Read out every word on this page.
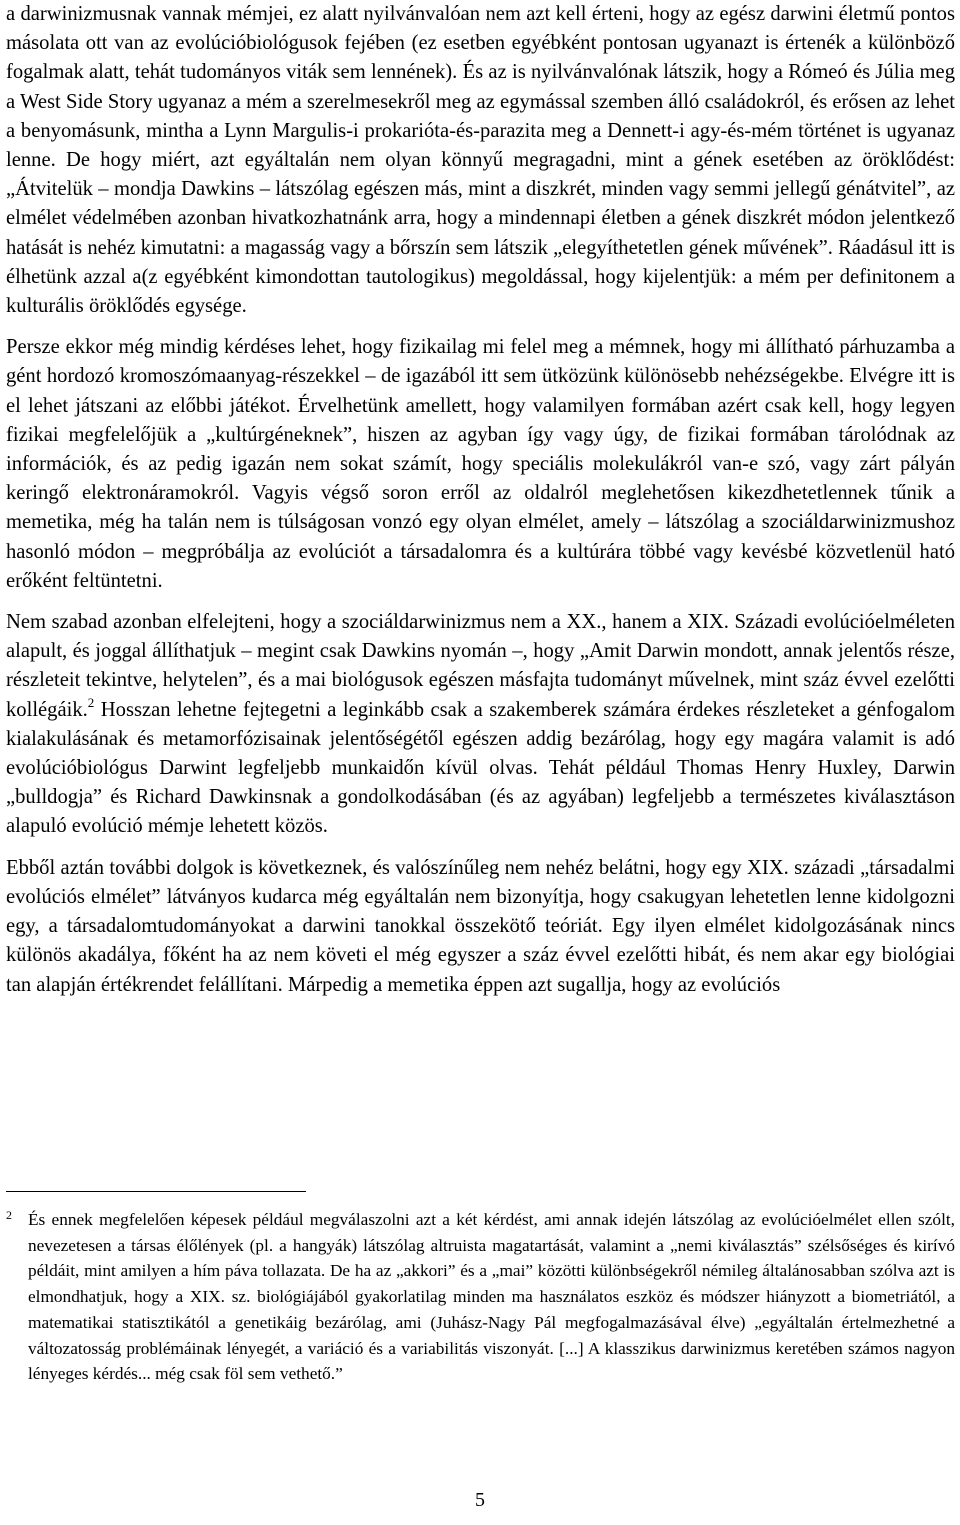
a darwinizmusnak vannak mémjei, ez alatt nyilvánvalóan nem azt kell érteni, hogy az egész darwini életmű pontos másolata ott van az evolúcióbiológusok fejében (ez esetben egyébként pontosan ugyanazt is értenék a különböző fogalmak alatt, tehát tudományos viták sem lennének). És az is nyilvánvalónak látszik, hogy a Rómeó és Júlia meg a West Side Story ugyanaz a mém a szerelmesekről meg az egymással szemben álló családokról, és erősen az lehet a benyomásunk, mintha a Lynn Margulis-i prokarióta-és-parazita meg a Dennett-i agy-és-mém történet is ugyanaz lenne. De hogy miért, azt egyáltalán nem olyan könnyű megragadni, mint a gének esetében az öröklődést: „Átvitelük – mondja Dawkins – látszólag egészen más, mint a diszkrét, minden vagy semmi jellegű génátvitel”, az elmélet védelmében azonban hivatkozhatnánk arra, hogy a mindennapi életben a gének diszkrét módon jelentkező hatását is nehéz kimutatni: a magasság vagy a bőrszín sem látszik „elegyíthetetlen gének művének”. Ráadásul itt is élhetünk azzal a(z egyébként kimondottan tautologikus) megoldással, hogy kijelentjük: a mém per definitonem a kulturális öröklődés egysége.

Persze ekkor még mindig kérdéses lehet, hogy fizikailag mi felel meg a mémnek, hogy mi állítható párhuzamba a gént hordozó kromoszómaanyag-részekkel – de igazából itt sem ütközünk különösebb nehézségekbe. Elvégre itt is el lehet játszani az előbbi játékot. Érvelhetünk amellett, hogy valamilyen formában azért csak kell, hogy legyen fizikai megfelelőjük a „kultúrgéneknek”, hiszen az agyban így vagy úgy, de fizikai formában tárolódnak az információk, és az pedig igazán nem sokat számít, hogy speciális molekulákról van-e szó, vagy zárt pályán keringő elektronáramokról. Vagyis végső soron erről az oldalról meglehetősen kikezdhetetlennek tűnik a memetika, még ha talán nem is túlságosan vonzó egy olyan elmélet, amely – látszólag a szociáldarwinizmushoz hasonló módon – megpróbálja az evolúciót a társadalomra és a kultúrára többé vagy kevésbé közvetlenül ható erőként feltüntetni.

Nem szabad azonban elfelejteni, hogy a szociáldarwinizmus nem a XX., hanem a XIX. Századi evolúcióelméleten alapult, és joggal állíthatjuk – megint csak Dawkins nyomán –, hogy „Amit Darwin mondott, annak jelentős része, részleteit tekintve, helytelen”, és a mai biológusok egészen másfajta tudományt művelnek, mint száz évvel ezelőtti kollégáik.$^2$ Hosszan lehetne fejtegetni a leginkább csak a szakemberek számára érdekes részleteket a génfogalom kialakulásának és metamorfózisainak jelentőségétől egészen addig bezárólag, hogy egy magára valamit is adó evolúcióbiológus Darwint legfeljebb munkaidőn kívül olvas. Tehát például Thomas Henry Huxley, Darwin „bulldogja” és Richard Dawkinsnak a gondolkodásában (és az agyában) legfeljebb a természetes kiválasztáson alapuló evolúció mémje lehetett közös.

Ebből aztán további dolgok is következnek, és valószínűleg nem nehéz belátni, hogy egy XIX. századi „társadalmi evolúciós elmélet” látványos kudarca még egyáltalán nem bizonyítja, hogy csakugyan lehetetlen lenne kidolgozni egy, a társadalomtudományokat a darwini tanokkal összekötő teóriát. Egy ilyen elmélet kidolgozásának nincs különös akadálya, főként ha az nem követi el még egyszer a száz évvel ezelőtti hibát, és nem akar egy biológiai tan alapján értékrendet felállítani. Márpedig a memetika éppen azt sugallja, hogy az evolúciós

2 És ennek megfelelően képesek például megválaszolni azt a két kérdést, ami annak idején látszólag az evolúcióelmélet ellen szólt, nevezetesen a társas élőlények (pl. a hangyák) látszólag altruista magatartását, valamint a „nemi kiválasztás” szélsőséges és kirívó példáit, mint amilyen a hím páva tollazata. De ha az „akkori” és a „mai” közötti különbségekről némileg általánosabban szólva azt is elmondhatjuk, hogy a XIX. sz. biológiájából gyakorlatilag minden ma használatos eszköz és módszer hiányzott a biometriától, a matematikai statisztikától a genetikáig bezárólag, ami (Juhász-Nagy Pál megfogalmazásával élve) „egyáltalán értelmezhetné a változatosság problémáinak lényegét, a variáció és a variabilitás viszonyát. [...] A klasszikus darwinizmus keretében számos nagyon lényeges kérdés... még csak föl sem vethető.”
5
